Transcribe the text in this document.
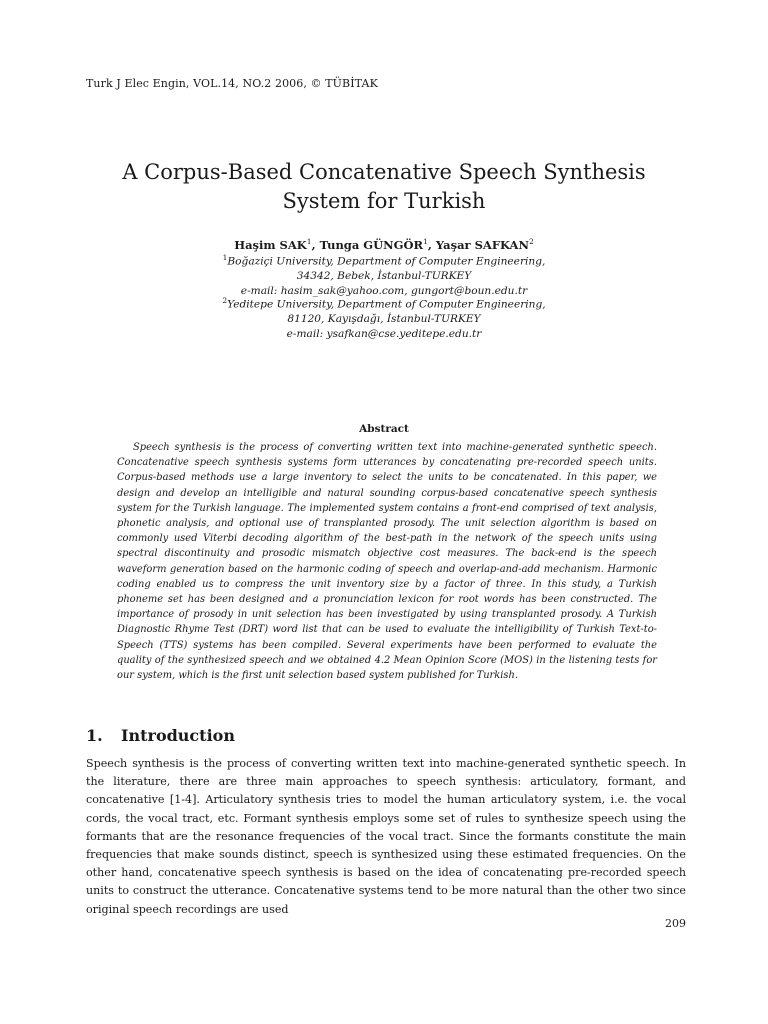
Turk J Elec Engin, VOL.14, NO.2 2006, © TÜBİTAK
A Corpus-Based Concatenative Speech Synthesis
System for Turkish
Haşim SAK$^1$, Tunga GÜNGÖR$^1$, Yaşar SAFKAN$^2$

$^1$Boğaziçi University, Department of Computer Engineering,

34342, Bebek, İstanbul-TURKEY

e-mail: hasim_sak@yahoo.com, gungort@boun.edu.tr

$^2$Yeditepe University, Department of Computer Engineering,

81120, Kayışdağı, İstanbul-TURKEY

e-mail: ysafkan@cse.yeditepe.edu.tr

Abstract

Speech synthesis is the process of converting written text into machine-generated synthetic speech. Concatenative speech synthesis systems form utterances by concatenating pre-recorded speech units. Corpus-based methods use a large inventory to select the units to be concatenated. In this paper, we design and develop an intelligible and natural sounding corpus-based concatenative speech synthesis system for the Turkish language. The implemented system contains a front-end comprised of text analysis, phonetic analysis, and optional use of transplanted prosody. The unit selection algorithm is based on commonly used Viterbi decoding algorithm of the best-path in the network of the speech units using spectral discontinuity and prosodic mismatch objective cost measures. The back-end is the speech waveform generation based on the harmonic coding of speech and overlap-and-add mechanism. Harmonic coding enabled us to compress the unit inventory size by a factor of three. In this study, a Turkish phoneme set has been designed and a pronunciation lexicon for root words has been constructed. The importance of prosody in unit selection has been investigated by using transplanted prosody. A Turkish Diagnostic Rhyme Test (DRT) word list that can be used to evaluate the intelligibility of Turkish Text-to-Speech (TTS) systems has been compiled. Several experiments have been performed to evaluate the quality of the synthesized speech and we obtained 4.2 Mean Opinion Score (MOS) in the listening tests for our system, which is the first unit selection based system published for Turkish.

1. Introduction

Speech synthesis is the process of converting written text into machine-generated synthetic speech. In the literature, there are three main approaches to speech synthesis: articulatory, formant, and concatenative [1-4]. Articulatory synthesis tries to model the human articulatory system, i.e. the vocal cords, the vocal tract, etc. Formant synthesis employs some set of rules to synthesize speech using the formants that are the resonance frequencies of the vocal tract. Since the formants constitute the main frequencies that make sounds distinct, speech is synthesized using these estimated frequencies. On the other hand, concatenative speech synthesis is based on the idea of concatenating pre-recorded speech units to construct the utterance. Concatenative systems tend to be more natural than the other two since original speech recordings are used

209
